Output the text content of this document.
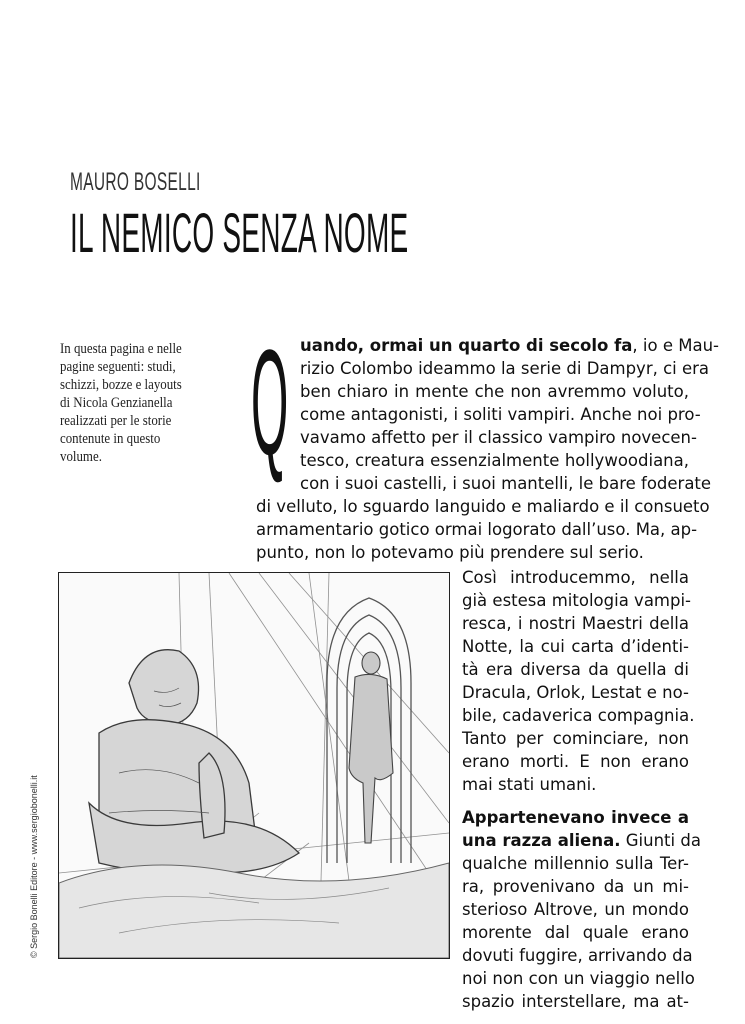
MAURO BOSELLI
IL NEMICO SENZA NOME
In questa pagina e nelle
pagine seguenti: studi,
schizzi, bozze e layouts
di Nicola Genzianella
realizzati per le storie
contenute in questo
volume. Q uando, ormai un quarto di secolo fa, io e Mau-
rizio Colombo ideammo la serie di Dampyr, ci era
ben chiaro in mente che non avremmo voluto,
come antagonisti, i soliti vampiri. Anche noi pro-
vavamo affetto per il classico vampiro novecen-
tesco, creatura essenzialmente hollywoodiana,
con i suoi castelli, i suoi mantelli, le bare foderate
di velluto, lo sguardo languido e maliardo e il consueto
armamentario gotico ormai logorato dall’uso. Ma, ap-
punto, non lo potevamo più prendere sul serio.
Così introducemmo, nella
già estesa mitologia vampi-
resca, i nostri Maestri della
Notte, la cui carta d’identi-
tà era diversa da quella di
Dracula, Orlok, Lestat e no-
bile, cadaverica compagnia.
Tanto per cominciare, non
erano morti. E non erano
mai stati umani.
Appartenevano invece a
una razza aliena. Giunti da
qualche millennio sulla Ter-
ra, provenivano da un mi-
sterioso Altrove, un mondo
morente dal quale erano
dovuti fuggire, arrivando da
noi non con un viaggio nello
spazio interstellare, ma at-
© Sergio Bonelli Editore - www.sergiobonelli.it
